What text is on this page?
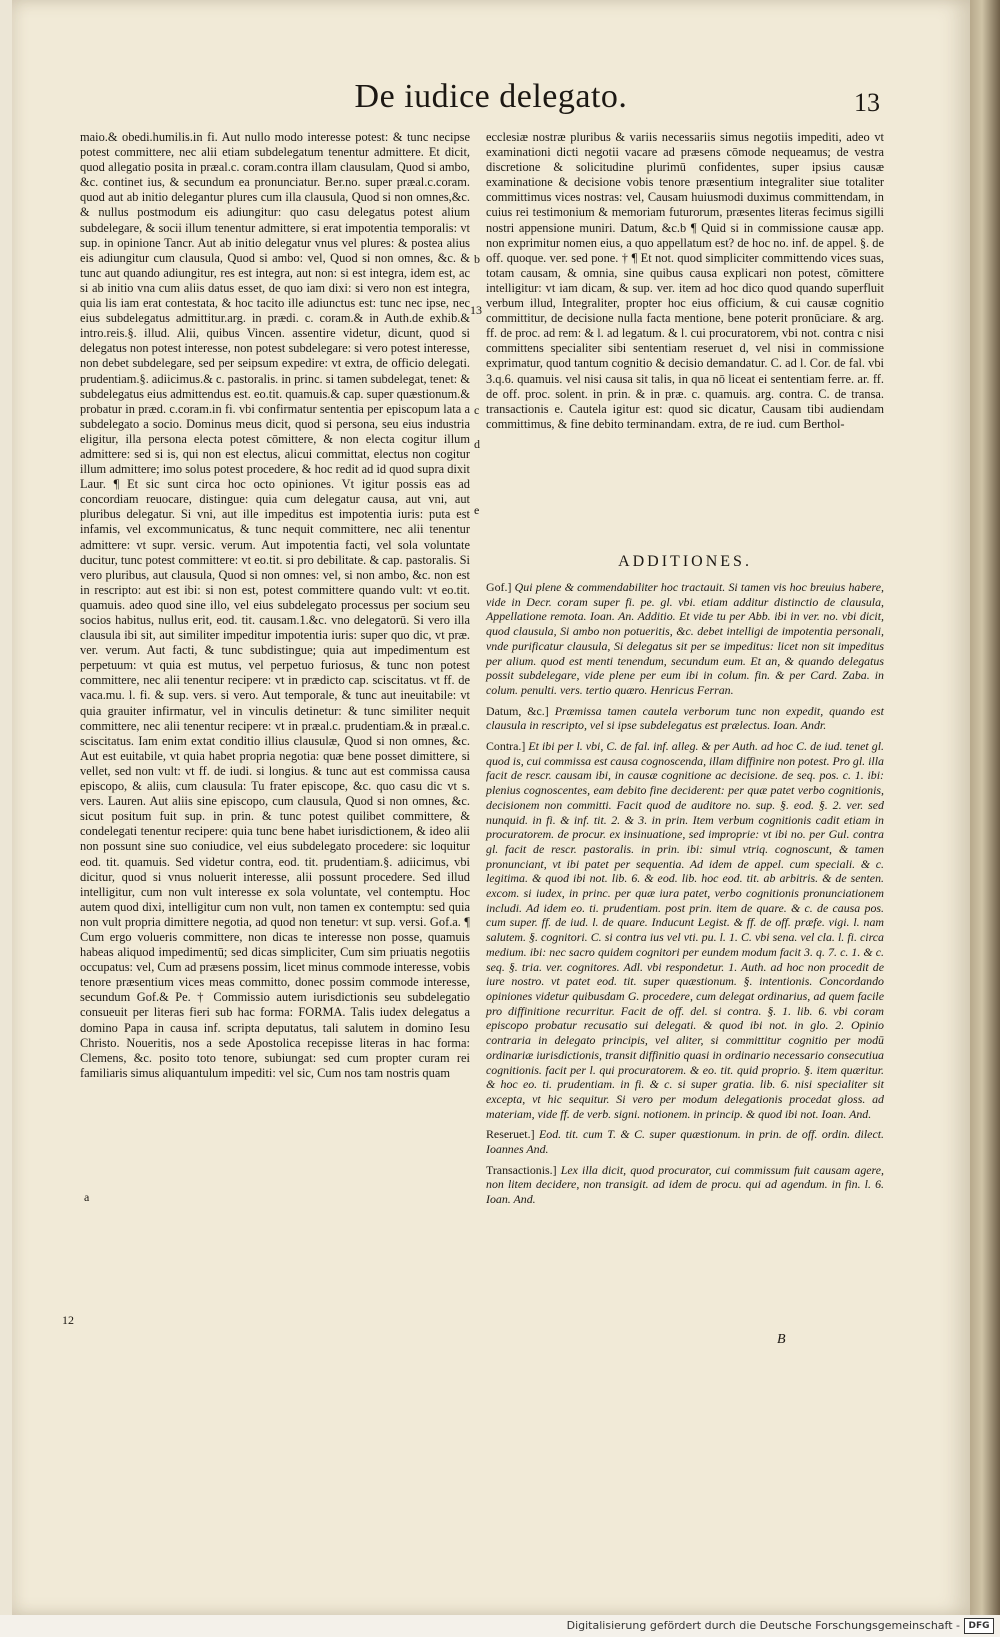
De iudice delegato.	13

maio.& obedi.humilis.in fi. Aut nullo modo interesse potest: & tunc necipse potest committere, nec alii etiam subdelegatum tenentur admittere. Et dicit, quod allegatio posita in præal.c. coram.contra illam clausulam, Quod si ambo, &c. continet ius, & secundum ea pronunciatur. Ber.no. super præal.c.coram. quod aut ab initio delegantur plures cum illa clausula, Quod si non omnes,&c. & nullus postmodum eis adiungitur: quo casu delegatus potest alium subdelegare, & socii illum tenentur admittere, si erat impotentia temporalis: vt sup. in opinione Tancr. Aut ab initio delegatur vnus vel plures: & postea alius eis adiungitur cum clausula, Quod si ambo: vel, Quod si non omnes, &c. & tunc aut quando adiungitur, res est integra, aut non: si est integra, idem est, ac si ab initio vna cum aliis datus esset, de quo iam dixi: si vero non est integra, quia lis iam erat contestata, & hoc tacito ille adiunctus est: tunc nec ipse, nec eius subdelegatus admittitur.arg. in prædi. c. coram.& in Auth.de exhib.& intro.reis.§. illud. Alii, quibus Vincen. assentire videtur, dicunt, quod si delegatus non potest interesse, non potest subdelegare: si vero potest interesse, non debet subdelegare, sed per seipsum expedire: vt extra, de officio delegati. prudentiam.§. adiicimus.& c. pastoralis. in princ. si tamen subdelegat, tenet: & subdelegatus eius admittendus est. eo.tit. quamuis.& cap. super quæstionum.& probatur in præd. c.coram.in fi. vbi confirmatur sententia per episcopum lata a subdelegato a socio. Dominus meus dicit, quod si persona, seu eius industria eligitur, illa persona electa potest cōmittere, & non electa cogitur illum admittere: sed si is, qui non est electus, alicui committat, electus non cogitur illum admittere; imo solus potest procedere, & hoc redit ad id quod supra dixit Laur. ¶ Et sic sunt circa hoc octo opiniones. Vt igitur possis eas ad concordiam reuocare, distingue: quia cum delegatur causa, aut vni, aut pluribus delegatur. Si vni, aut ille impeditus est impotentia iuris: puta est infamis, vel excommunicatus, & tunc nequit committere, nec alii tenentur admittere: vt supr. versic. verum. Aut impotentia facti, vel sola voluntate ducitur, tunc potest committere: vt eo.tit. si pro debilitate. & cap. pastoralis. Si vero pluribus, aut clausula, Quod si non omnes: vel, si non ambo, &c. non est in rescripto: aut est ibi: si non est, potest committere quando vult: vt eo.tit. quamuis. adeo quod sine illo, vel eius subdelegato processus per socium seu socios habitus, nullus erit, eod. tit. causam.1.&c. vno delegatorū. Si vero illa clausula ibi sit, aut similiter impeditur impotentia iuris: super quo dic, vt præ. ver. verum. Aut facti, & tunc subdistingue; quia aut impedimentum est perpetuum: vt quia est mutus, vel perpetuo furiosus, & tunc non potest committere, nec alii tenentur recipere: vt in prædicto cap. sciscitatus. vt ff. de vaca.mu. l. fi. & sup. vers. si vero. Aut temporale, & tunc aut ineuitabile: vt quia grauiter infirmatur, vel in vinculis detinetur: & tunc similiter nequit committere, nec alii tenentur recipere: vt in præal.c. prudentiam.& in præal.c. sciscitatus. Iam enim extat conditio illius clausulæ, Quod si non omnes, &c. Aut est euitabile, vt quia habet propria negotia: quæ bene posset dimittere, si vellet, sed non vult: vt ff. de iudi. si longius. & tunc aut est commissa causa episcopo, & aliis, cum clausula: Tu frater episcope, &c. quo casu dic vt s. vers. Lauren. Aut aliis sine episcopo, cum clausula, Quod si non omnes, &c. sicut positum fuit sup. in prin. & tunc potest quilibet committere, & condelegati tenentur recipere: quia tunc bene habet iurisdictionem, & ideo alii non possunt sine suo coniudice, vel eius subdelegato procedere: sic loquitur eod. tit. quamuis. Sed videtur contra, eod. tit. prudentiam.§. adiicimus, vbi dicitur, quod si vnus noluerit interesse, alii possunt procedere. Sed illud intelligitur, cum non vult interesse ex sola voluntate, vel contemptu. Hoc autem quod dixi, intelligitur cum non vult, non tamen ex contemptu: sed quia non vult propria dimittere negotia, ad quod non tenetur: vt sup. versi. Gof.a. ¶ Cum ergo volueris committere, non dicas te interesse non posse, quamuis habeas aliquod impedimentū; sed dicas simpliciter, Cum sim priuatis negotiis occupatus: vel, Cum ad præsens possim, licet minus commode interesse, vobis tenore præsentium vices meas committo, donec possim commode interesse, secundum Gof.& Pe. † Commissio autem iurisdictionis seu subdelegatio consueuit per literas fieri sub hac forma: FORMA. Talis iudex delegatus a domino Papa in causa inf. scripta deputatus, tali salutem in domino Iesu Christo. Noueritis, nos a sede Apostolica recepisse literas in hac forma: Clemens, &c. posito toto tenore, subiungat: sed cum propter curam rei familiaris simus aliquantulum impediti: vel sic, Cum nos tam nostris quam

ecclesiæ nostræ pluribus & variis necessariis simus negotiis impediti, adeo vt examinationi dicti negotii vacare ad præsens cōmode nequeamus; de vestra discretione & solicitudine plurimū confidentes, super ipsius causæ examinatione & decisione vobis tenore præsentium integraliter siue totaliter committimus vices nostras: vel, Causam huiusmodi duximus committendam, in cuius rei testimonium & memoriam futurorum, præsentes literas fecimus sigilli nostri appensione muniri. Datum, &c.b ¶ Quid si in commissione causæ app. non exprimitur nomen eius, a quo appellatum est? de hoc no. inf. de appel. §. de off. quoque. ver. sed pone. † ¶ Et not. quod simpliciter committendo vices suas, totam causam, & omnia, sine quibus causa explicari non potest, cōmittere intelligitur: vt iam dicam, & sup. ver. item ad hoc dico quod quando superfluit verbum illud, Integraliter, propter hoc eius officium, & cui causæ cognitio committitur, de decisione nulla facta mentione, bene poterit pronūciare. & arg. ff. de proc. ad rem: & l. ad legatum. & l. cui procuratorem, vbi not. contra c nisi committens specialiter sibi sententiam reseruet d, vel nisi in commissione exprimatur, quod tantum cognitio & decisio demandatur. C. ad l. Cor. de fal. vbi 3.q.6. quamuis. vel nisi causa sit talis, in qua nō liceat ei sententiam ferre. ar. ff. de off. proc. solent. in prin. & in præ. c. quamuis. arg. contra. C. de transa. transactionis e. Cautela igitur est: quod sic dicatur, Causam tibi audiendam committimus, & fine debito terminandam. extra, de re iud. cum Berthol-

ADDITIONES.
Gof.] Qui plene & commendabiliter hoc tractauit. Si tamen vis hoc breuius habere, vide in Decr. coram super fi. pe. gl. vbi. etiam additur distinctio de clausula, Appellatione remota. Ioan. An. Additio. Et vide tu per Abb. ibi in ver. no. vbi dicit, quod clausula, Si ambo non potueritis, &c. debet intelligi de impotentia personali, vnde purificatur clausula, Si delegatus sit per se impeditus: licet non sit impeditus per alium. quod est menti tenendum, secundum eum. Et an, & quando delegatus possit subdelegare, vide plene per eum ibi in colum. fin. & per Card. Zaba. in colum. penulti. vers. tertio quæro. Henricus Ferran.
Datum, &c.] Præmissa tamen cautela verborum tunc non expedit, quando est clausula in rescripto, vel si ipse subdelegatus est prælectus. Ioan. Andr.
Contra.] Et ibi per l. vbi, C. de fal. inf. alleg. & per Auth. ad hoc C. de iud. tenet gl. quod is, cui commissa est causa cognoscenda, illam diffinire non potest. Pro gl. illa facit de rescr. causam ibi, in causæ cognitione ac decisione. de seq. pos. c. 1. ibi: plenius cognoscentes, eam debito fine deciderent: per quæ patet verbo cognitionis, decisionem non committi. Facit quod de auditore no. sup. §. eod. §. 2. ver. sed nunquid. in fi. & inf. tit. 2. & 3. in prin. Item verbum cognitionis cadit etiam in procuratorem. de procur. ex insinuatione, sed improprie: vt ibi no. per Gul. contra gl. facit de rescr. pastoralis. in prin. ibi: simul vtriq. cognoscunt, & tamen pronunciant, vt ibi patet per sequentia. Ad idem de appel. cum speciali. & c. legitima. & quod ibi not. lib. 6. & eod. lib. hoc eod. tit. ab arbitris. & de senten. excom. si iudex, in princ. per quæ iura patet, verbo cognitionis pronunciationem includi. Ad idem eo. ti. prudentiam. post prin. item de quare. & c. de causa pos. cum super. ff. de iud. l. de quare. Inducunt Legist. & ff. de off. præfe. vigi. l. nam salutem. §. cognitori. C. si contra ius vel vti. pu. l. 1. C. vbi sena. vel cla. l. fi. circa medium. ibi: nec sacro quidem cognitori per eundem modum facit 3. q. 7. c. 1. & c. seq. §. tria. ver. cognitores. Adl. vbi respondetur. 1. Auth. ad hoc non procedit de iure nostro. vt patet eod. tit. super quæstionum. §. intentionis. Concordando opiniones videtur quibusdam G. procedere, cum delegat ordinarius, ad quem facile pro diffinitione recurritur. Facit de off. del. si contra. §. 1. lib. 6. vbi coram episcopo probatur recusatio sui delegati. & quod ibi not. in glo. 2. Opinio contraria in delegato principis, vel aliter, si committitur cognitio per modū ordinariæ iurisdictionis, transit diffinitio quasi in ordinario necessario consecutiua cognitionis. facit per l. qui procuratorem. & eo. tit. quid proprio. §. item quæritur. & hoc eo. ti. prudentiam. in fi. & c. si super gratia. lib. 6. nisi specialiter sit excepta, vt hic sequitur. Si vero per modum delegationis procedat gloss. ad materiam, vide ff. de verb. signi. notionem. in princip. & quod ibi not. Ioan. And.
Reseruet.] Eod. tit. cum T. & C. super quæstionum. in prin. de off. ordin. dilect. Ioannes And.
Transactionis.] Lex illa dicit, quod procurator, cui commissum fuit causam agere, non litem decidere, non transigit. ad idem de procu. qui ad agendum. in fin. l. 6. Ioan. And.
a
12
b
13
c
d
e
B
Digitalisierung gefördert durch die Deutsche Forschungsgemeinschaft - DFG
